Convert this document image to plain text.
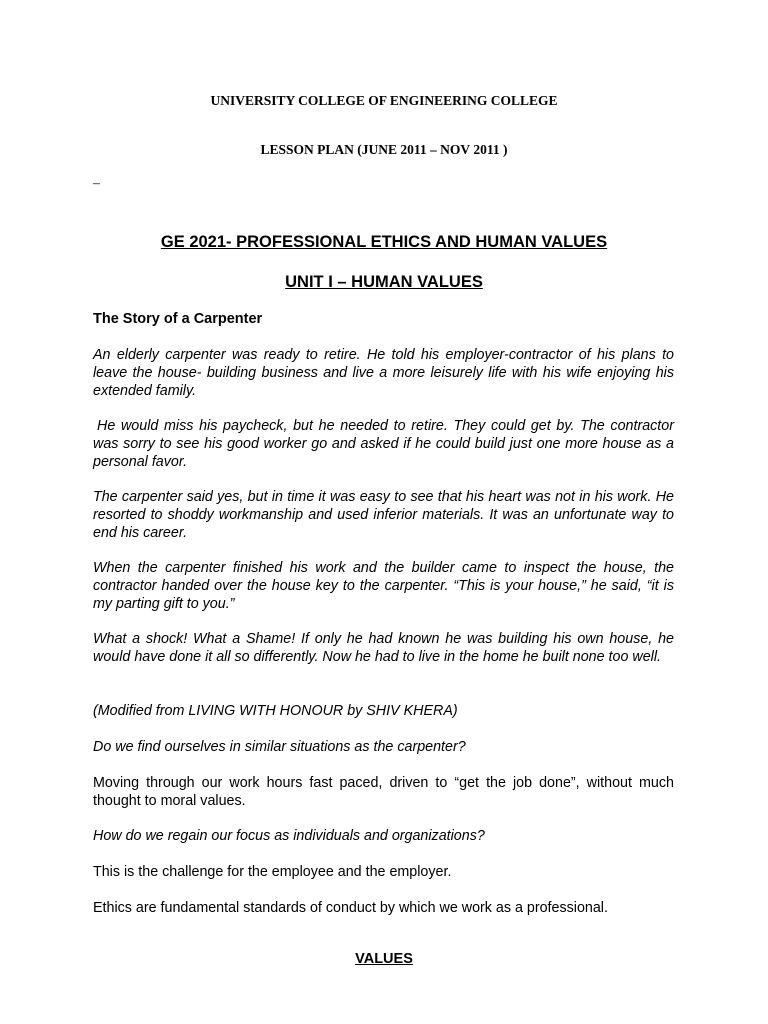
UNIVERSITY COLLEGE OF ENGINEERING COLLEGE
LESSON PLAN (JUNE 2011 – NOV 2011 )
–
GE 2021- PROFESSIONAL ETHICS AND HUMAN VALUES
UNIT I – HUMAN VALUES
The Story of a Carpenter

An elderly carpenter was ready to retire. He told his employer-contractor of his plans to leave the house- building business and live a more leisurely life with his wife enjoying his extended family.

He would miss his paycheck, but he needed to retire. They could get by. The contractor was sorry to see his good worker go and asked if he could build just one more house as a personal favor.

The carpenter said yes, but in time it was easy to see that his heart was not in his work. He resorted to shoddy workmanship and used inferior materials. It was an unfortunate way to end his career.

When the carpenter finished his work and the builder came to inspect the house, the contractor handed over the house key to the carpenter. “This is your house,” he said, “it is my parting gift to you.”

What a shock! What a Shame! If only he had known he was building his own house, he would have done it all so differently. Now he had to live in the home he built none too well.

(Modified from LIVING WITH HONOUR by SHIV KHERA)

Do we find ourselves in similar situations as the carpenter?

Moving through our work hours fast paced, driven to “get the job done”, without much thought to moral values.

How do we regain our focus as individuals and organizations?

This is the challenge for the employee and the employer.

Ethics are fundamental standards of conduct by which we work as a professional.

VALUES
